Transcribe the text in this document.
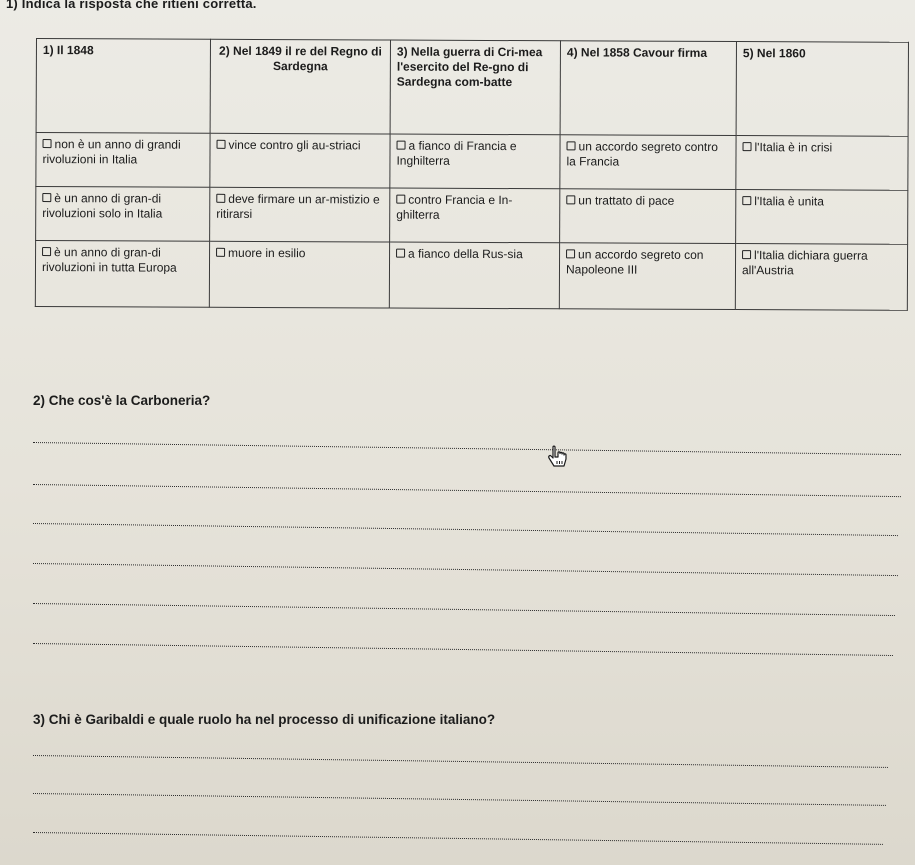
1) Indica la risposta che ritieni corretta.
1) Il 1848	2) Nel 1849 il re del Regno di Sardegna	3) Nella guerra di Cri-mea l'esercito del Re-gno di Sardegna com-batte	4) Nel 1858 Cavour firma	5) Nel 1860
non è un anno di grandi rivoluzioni in Italia	vince contro gli au-striaci	a fianco di Francia e Inghilterra	un accordo segreto contro la Francia	l'Italia è in crisi
è un anno di gran-di rivoluzioni solo in Italia	deve firmare un ar-mistizio e ritirarsi	contro Francia e In-ghilterra	un trattato di pace	l'Italia è unita
è un anno di gran-di rivoluzioni in tutta Europa	muore in esilio	a fianco della Rus-sia	un accordo segreto con Napoleone III	l'Italia dichiara guerra all'Austria
2) Che cos'è la Carboneria?
3) Chi è Garibaldi e quale ruolo ha nel processo di unificazione italiano?
